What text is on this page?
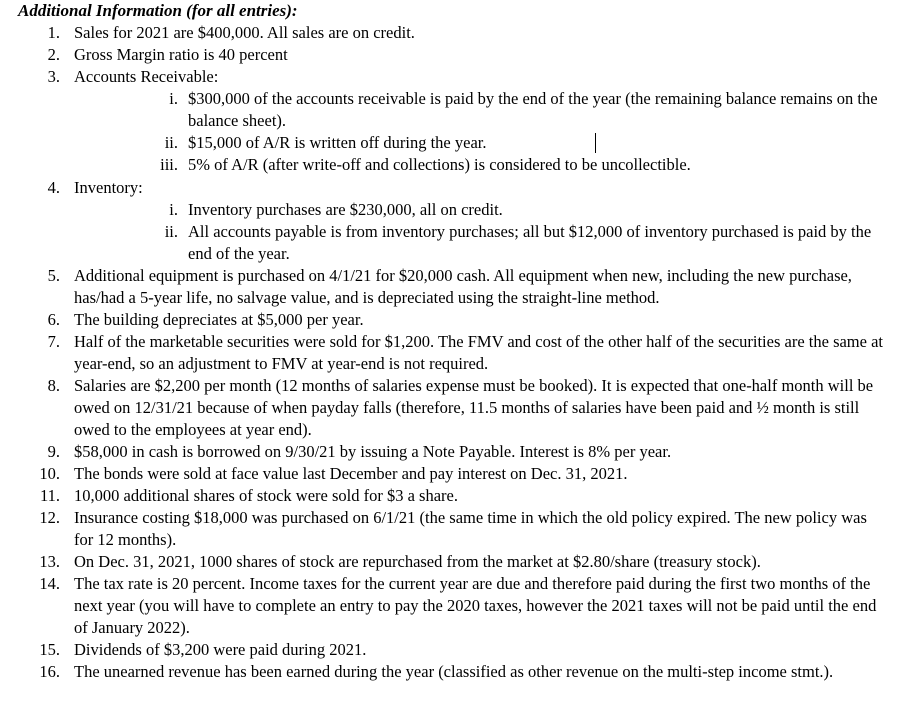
Additional Information (for all entries):
1. Sales for 2021 are $400,000. All sales are on credit.
2. Gross Margin ratio is 40 percent
3. Accounts Receivable:
i. $300,000 of the accounts receivable is paid by the end of the year (the remaining balance remains on the balance sheet).
ii. $15,000 of A/R is written off during the year.
iii. 5% of A/R (after write-off and collections) is considered to be uncollectible.
4. Inventory:
i. Inventory purchases are $230,000, all on credit.
ii. All accounts payable is from inventory purchases; all but $12,000 of inventory purchased is paid by the end of the year.
5. Additional equipment is purchased on 4/1/21 for $20,000 cash. All equipment when new, including the new purchase, has/had a 5-year life, no salvage value, and is depreciated using the straight-line method.
6. The building depreciates at $5,000 per year.
7. Half of the marketable securities were sold for $1,200. The FMV and cost of the other half of the securities are the same at year-end, so an adjustment to FMV at year-end is not required.
8. Salaries are $2,200 per month (12 months of salaries expense must be booked). It is expected that one-half month will be owed on 12/31/21 because of when payday falls (therefore, 11.5 months of salaries have been paid and ½ month is still owed to the employees at year end).
9. $58,000 in cash is borrowed on 9/30/21 by issuing a Note Payable. Interest is 8% per year.
10. The bonds were sold at face value last December and pay interest on Dec. 31, 2021.
11. 10,000 additional shares of stock were sold for $3 a share.
12. Insurance costing $18,000 was purchased on 6/1/21 (the same time in which the old policy expired. The new policy was for 12 months).
13. On Dec. 31, 2021, 1000 shares of stock are repurchased from the market at $2.80/share (treasury stock).
14. The tax rate is 20 percent. Income taxes for the current year are due and therefore paid during the first two months of the next year (you will have to complete an entry to pay the 2020 taxes, however the 2021 taxes will not be paid until the end of January 2022).
15. Dividends of $3,200 were paid during 2021.
16. The unearned revenue has been earned during the year (classified as other revenue on the multi-step income stmt.).
